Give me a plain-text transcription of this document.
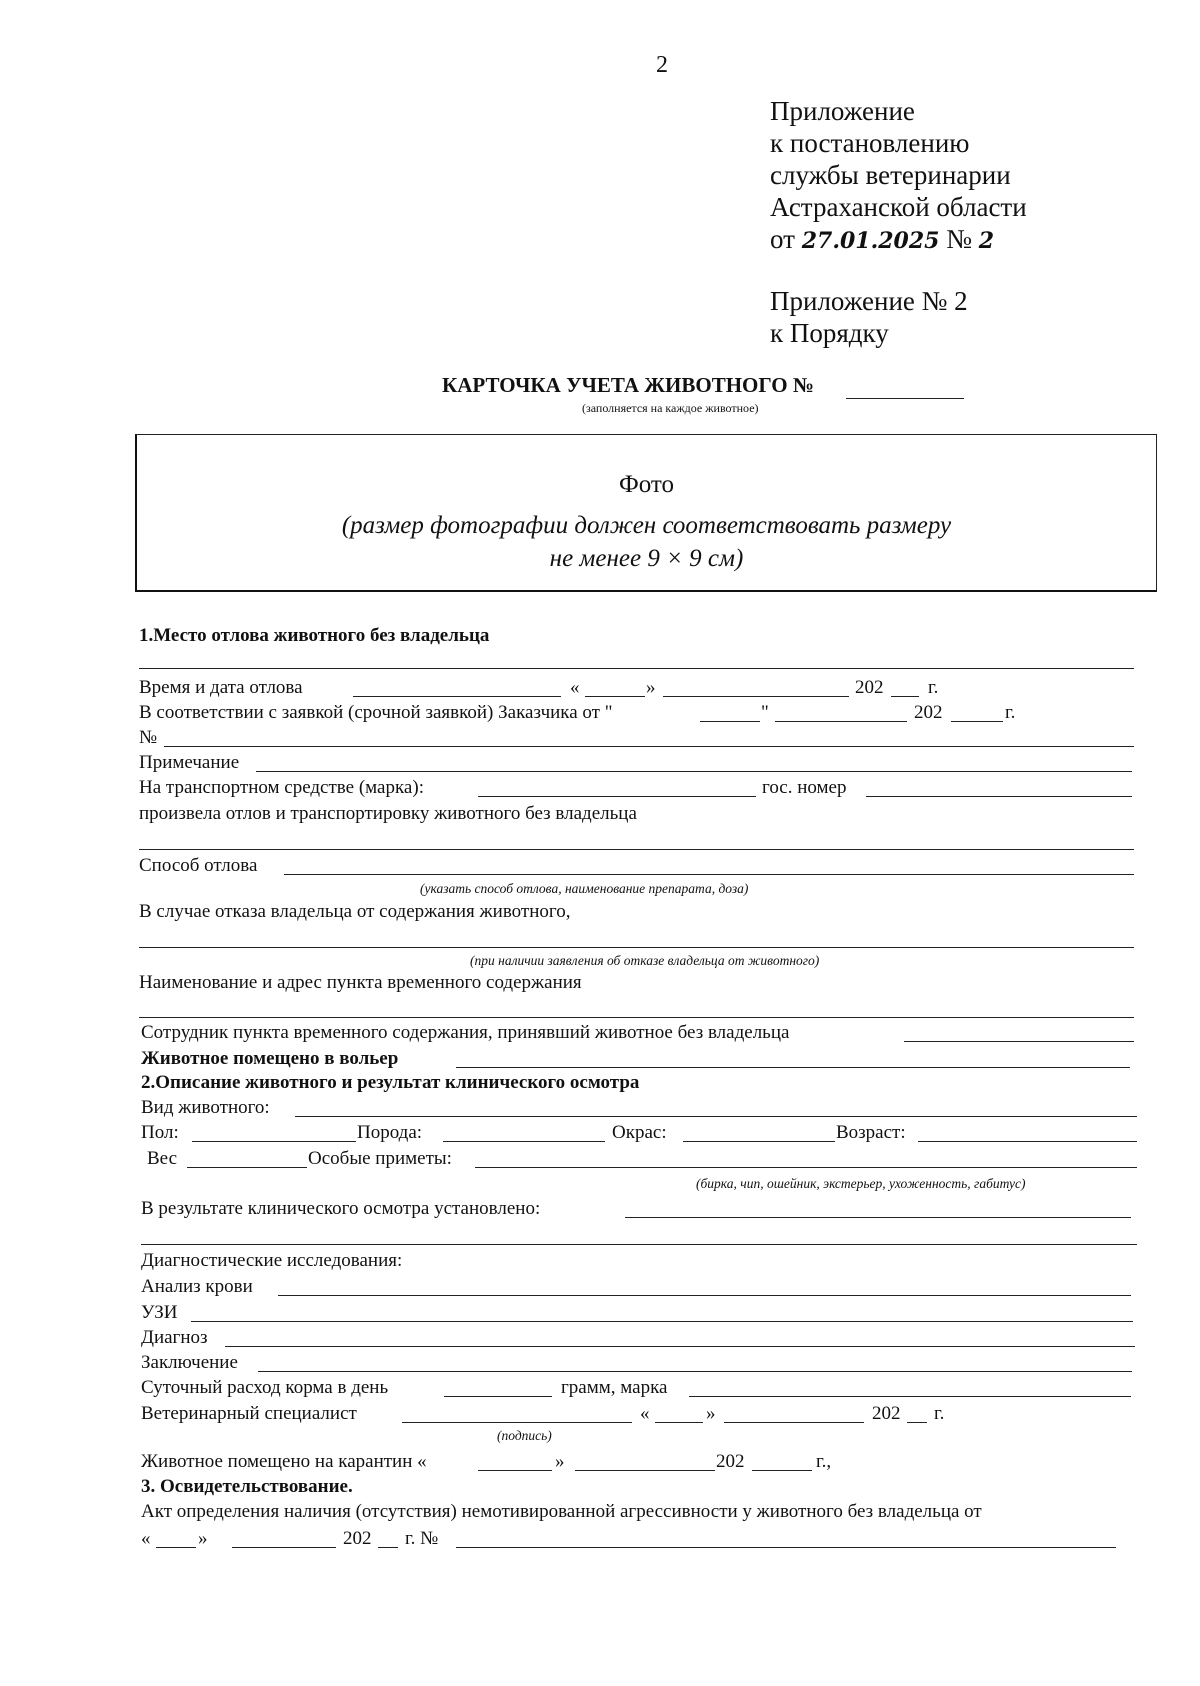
2
Приложение
к постановлению
службы ветеринарии
Астраханской области
от 27.01.2025 № 2
Приложение № 2
к Порядку
КАРТОЧКА УЧЕТА ЖИВОТНОГО №
(заполняется на каждое животное)
Фото
(размер фотографии должен соответствовать размеру
не менее 9 × 9 см)
1.Место отлова животного без владельца
Время и дата отлова	«	»	202 г.
В соответствии с заявкой (срочной заявкой) Заказчика от "	"	202	г.
№
Примечание
На транспортном средстве (марка):	гос. номер
произвела отлов и транспортировку животного без владельца
Способ отлова
(указать способ отлова, наименование препарата, доза)
В случае отказа владельца от содержания животного,
(при наличии заявления об отказе владельца от животного)
Наименование и адрес пункта временного содержания
Сотрудник пункта временного содержания, принявший животное без владельца
Животное помещено в вольер
2.Описание животного и результат клинического осмотра
Вид животного:
Пол:	Порода:	Окрас:	Возраст:
Вес	Особые приметы:
(бирка, чип, ошейник, экстерьер, ухоженность, габитус)
В результате клинического осмотра установлено:
Диагностические исследования:
Анализ крови
УЗИ
Диагноз
Заключение
Суточный расход корма в день	грамм, марка
Ветеринарный специалист	«	»	202 г.
(подпись)
Животное помещено на карантин «	»	202	г.,
3. Освидетельствование.
Акт определения наличия (отсутствия) немотивированной агрессивности у животного без владельца от
«	»	202 г. №
